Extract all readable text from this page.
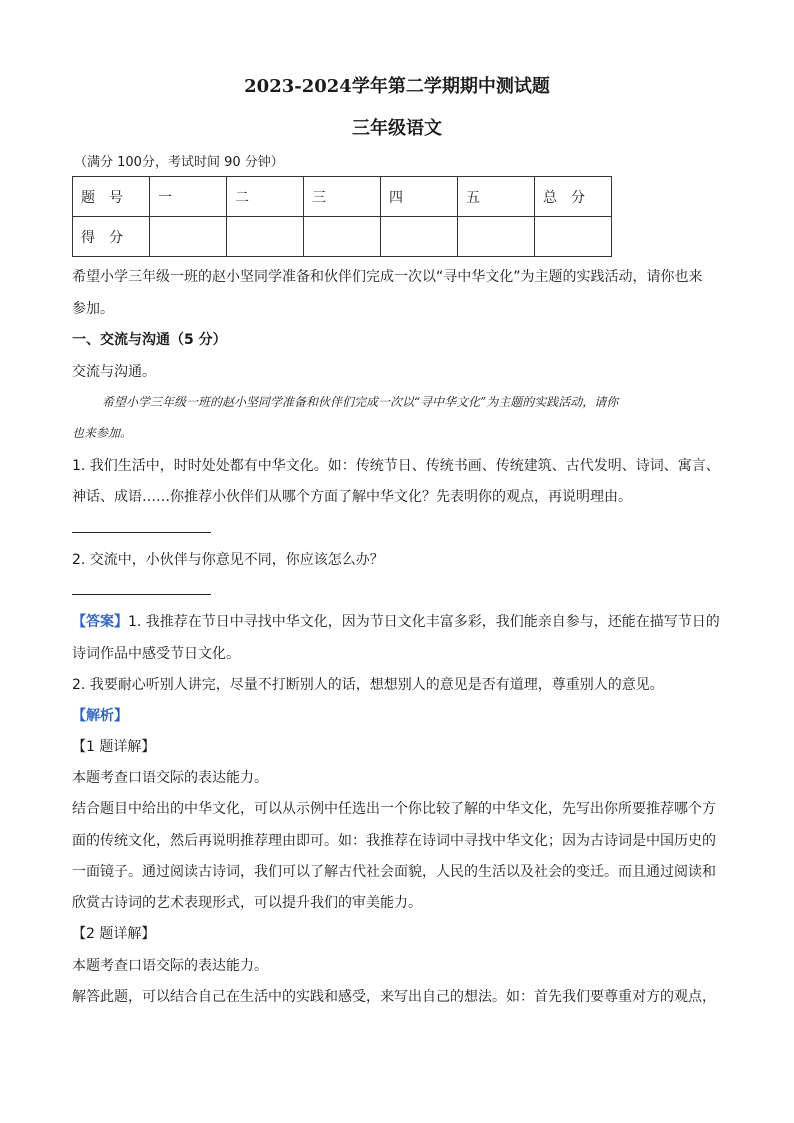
2023-2024学年第二学期期中测试题
三年级语文
（满分 100分，考试时间 90 分钟）
题　号	一	二	三	四	五	总　分
得　分						
希望小学三年级一班的赵小坚同学准备和伙伴们完成一次以“寻中华文化”为主题的实践活动，请你也来
参加。
一、交流与沟通（5 分）
交流与沟通。
希望小学三年级一班的赵小坚同学准备和伙伴们完成一次以“寻中华文化”为主题的实践活动，请你
也来参加。
1. 我们生活中，时时处处都有中华文化。如：传统节日、传统书画、传统建筑、古代发明、诗词、寓言、
神话、成语……你推荐小伙伴们从哪个方面了解中华文化？先表明你的观点，再说明理由。
2. 交流中，小伙伴与你意见不同，你应该怎么办？
【答案】1. 我推荐在节日中寻找中华文化，因为节日文化丰富多彩，我们能亲自参与，还能在描写节日的
诗词作品中感受节日文化。
2. 我要耐心听别人讲完，尽量不打断别人的话，想想别人的意见是否有道理，尊重别人的意见。
【解析】
【1 题详解】
本题考查口语交际的表达能力。
结合题目中给出的中华文化，可以从示例中任选出一个你比较了解的中华文化，先写出你所要推荐哪个方
面的传统文化，然后再说明推荐理由即可。如：我推荐在诗词中寻找中华文化；因为古诗词是中国历史的
一面镜子。通过阅读古诗词，我们可以了解古代社会面貌，人民的生活以及社会的变迁。而且通过阅读和
欣赏古诗词的艺术表现形式，可以提升我们的审美能力。
【2 题详解】
本题考查口语交际的表达能力。
解答此题，可以结合自己在生活中的实践和感受，来写出自己的想法。如：首先我们要尊重对方的观点，
